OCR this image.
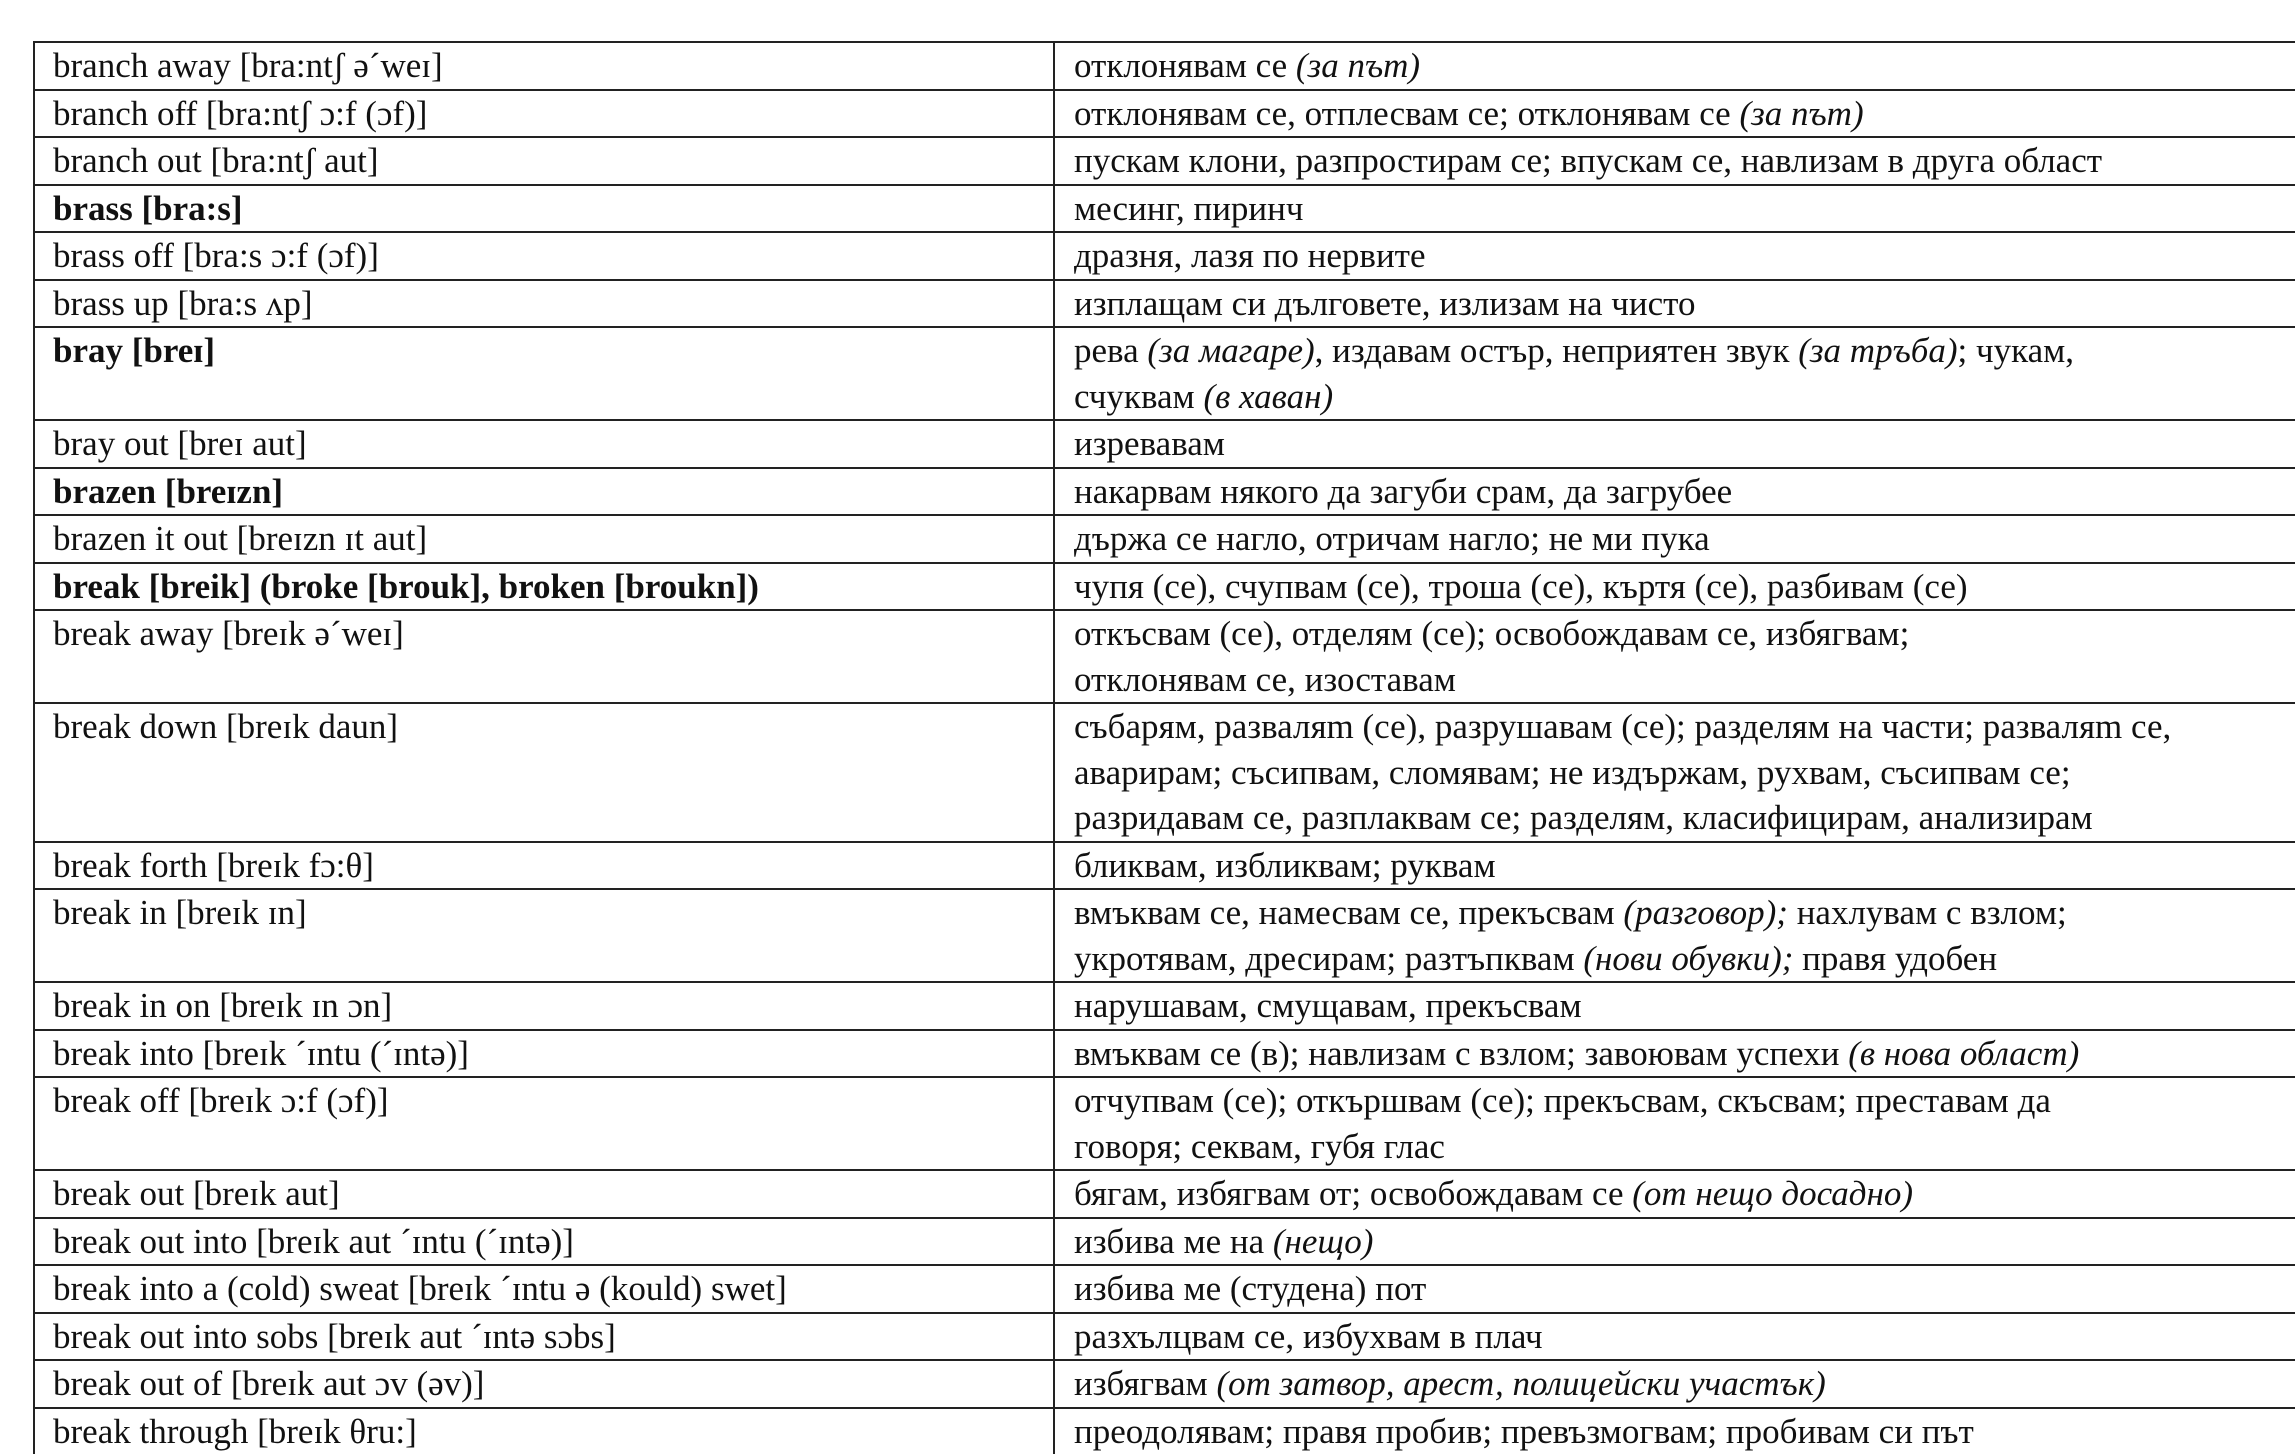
branch away [bra:ntʃ ə´weɪ]	отклонявам се (за път)

branch off [bra:ntʃ ɔ:f (ɔf)]	отклонявам се, отплесвам се; отклонявам се (за път)

branch out [bra:ntʃ aut]	пускам клони, разпростирам се; впускам се, навлизам в друга област

brass [bra:s]	месинг, пиринч

brass off [bra:s ɔ:f (ɔf)]	дразня, лазя по нервите

brass up [bra:s ʌp]	изплащам си дълговете, излизам на чисто

bray [breɪ]	рева (за магаре), издавам остър, неприятен звук (за тръба); чукам,
счуквам (в хаван)

bray out [breɪ aut]	изревавам

brazen [breɪzn]	накарвам някого да загуби срам, да загрубее

brazen it out [breɪzn ɪt aut]	държа се нагло, отричам нагло; не ми пука

break [breik] (broke [brouk], broken [broukn])	чупя (се), счупвам (се), троша (се), къртя (се), разбивам (се)

break away [breɪk ə´weɪ]	откъсвам (се), отделям (се); освобождавам се, избягвам;
отклонявам се, изоставам

break down [breɪk daun]	събарям, разваляm (се), разрушавам (се); разделям на части; разваляm се,
аварирам; съсипвам, сломявам; не издържам, рухвам, съсипвам се;
разридавам се, разплаквам се; разделям, класифицирам, анализирам

break forth [breɪk fɔ:θ]	бликвам, избликвам; руквам

break in [breɪk ɪn]	вмъквам се, намесвам се, прекъсвам (разговор); нахлувам с взлом;
укротявам, дресирам; разтъпквам (нови обувки); правя удобен

break in on [breɪk ɪn ɔn]	нарушавам, смущавам, прекъсвам

break into [breɪk ´ɪntu (´ɪntə)]	вмъквам се (в); навлизам с взлом; завоювам успехи (в нова област)

break off [breɪk ɔ:f (ɔf)]	отчупвам (се); откършвам (се); прекъсвам, скъсвам; преставам да
говоря; секвам, губя глас

break out [breɪk aut]	бягам, избягвам от; освобождавам се (от нещо досадно)

break out into [breɪk aut ´ɪntu (´ɪntə)]	избива ме на (нещо)

break into a (cold) sweat [breɪk ´ɪntu ə (kould) swet]	избива ме (студена) пот

break out into sobs [breɪk aut ´ɪntə sɔbs]	разхълцвам се, избухвам в плач

break out of [breɪk aut ɔv (əv)]	избягвам (от затвор, арест, полицейски участък)

break through [breɪk θru:]	преодолявам; правя пробив; превъзмогвам; пробивам си път
